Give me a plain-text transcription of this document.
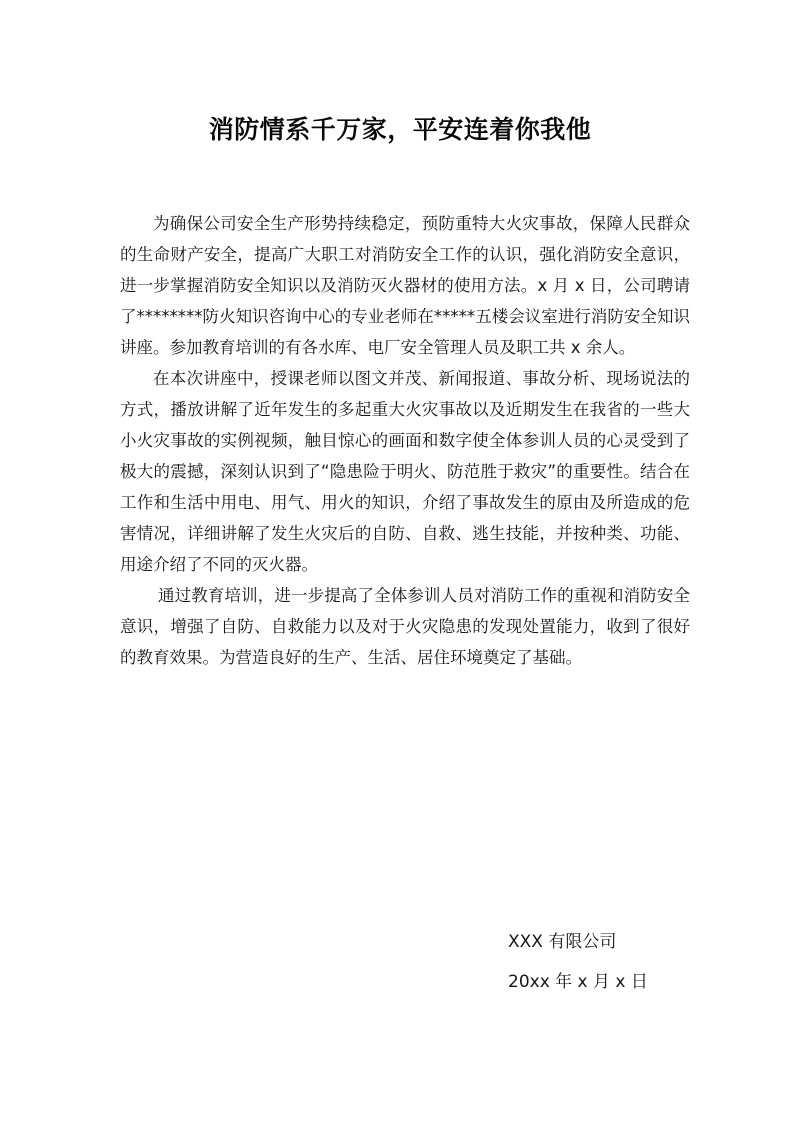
消防情系千万家，平安连着你我他

为确保公司安全生产形势持续稳定，预防重特大火灾事故，保障人民群众的生命财产安全，提高广大职工对消防安全工作的认识，强化消防安全意识，进一步掌握消防安全知识以及消防灭火器材的使用方法。x 月 x 日，公司聘请了********防火知识咨询中心的专业老师在*****五楼会议室进行消防安全知识讲座。参加教育培训的有各水库、电厂安全管理人员及职工共 x 余人。

在本次讲座中，授课老师以图文并茂、新闻报道、事故分析、现场说法的方式，播放讲解了近年发生的多起重大火灾事故以及近期发生在我省的一些大小火灾事故的实例视频，触目惊心的画面和数字使全体参训人员的心灵受到了极大的震撼，深刻认识到了“隐患险于明火、防范胜于救灾”的重要性。结合在工作和生活中用电、用气、用火的知识，介绍了事故发生的原由及所造成的危害情况，详细讲解了发生火灾后的自防、自救、逃生技能，并按种类、功能、用途介绍了不同的灭火器。

通过教育培训，进一步提高了全体参训人员对消防工作的重视和消防安全意识，增强了自防、自救能力以及对于火灾隐患的发现处置能力，收到了很好的教育效果。为营造良好的生产、生活、居住环境奠定了基础。

XXX 有限公司
20xx 年 x 月 x 日
